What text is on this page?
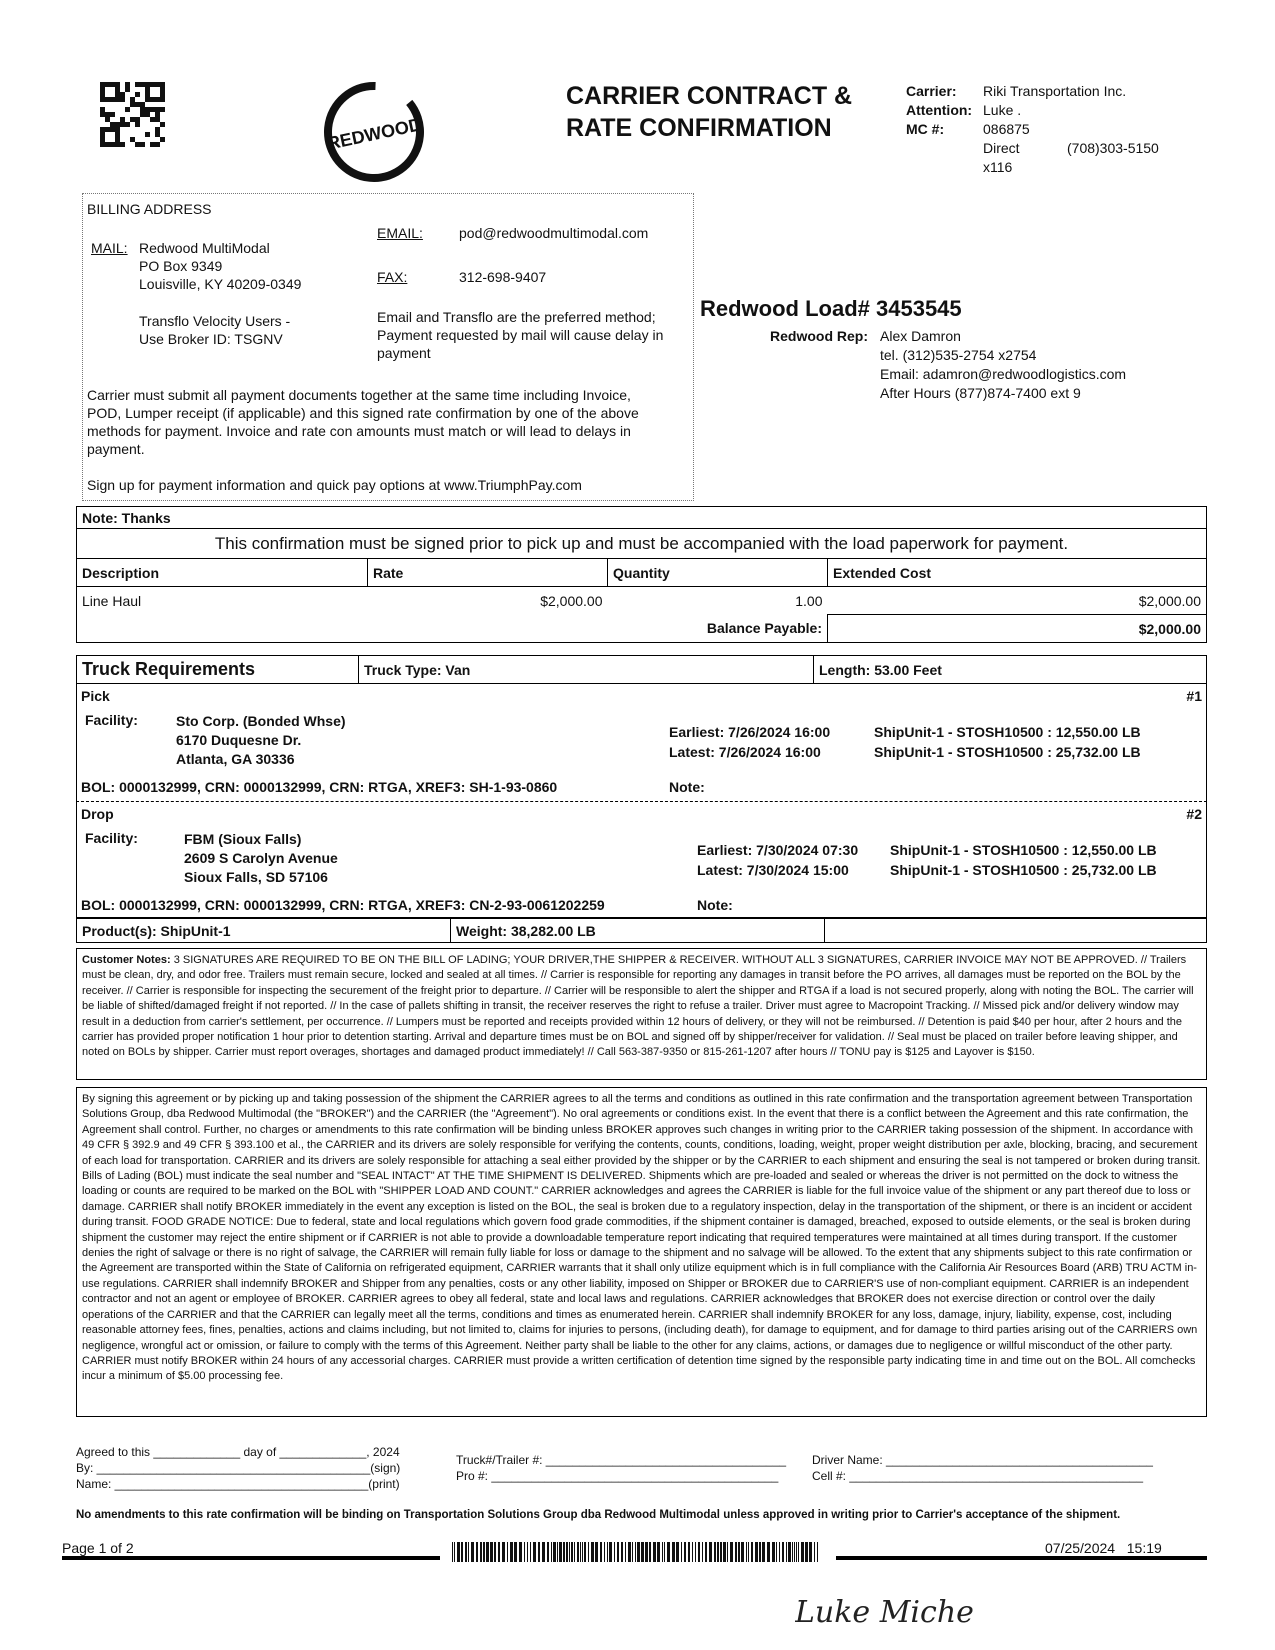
REDWOOD
CARRIER CONTRACT &
RATE CONFIRMATION
Carrier:	Riki Transportation Inc.
Attention: Luke .
MC #:	086875
Direct	(708)303-5150
x116
BILLING ADDRESS
MAIL: Redwood MultiModal
PO Box 9349
Louisville, KY 40209-0349
Transflo Velocity Users -
Use Broker ID: TSGNV
EMAIL:	pod@redwoodmultimodal.com
FAX:	312-698-9407
Email and Transflo are the preferred method;
Payment requested by mail will cause delay in
payment
Carrier must submit all payment documents together at the same time including Invoice,
POD, Lumper receipt (if applicable) and this signed rate confirmation by one of the above
methods for payment. Invoice and rate con amounts must match or will lead to delays in
payment.
Sign up for payment information and quick pay options at www.TriumphPay.com
Redwood Load# 3453545
Redwood Rep: Alex Damron
tel. (312)535-2754 x2754
Email: adamron@redwoodlogistics.com
After Hours (877)874-7400 ext 9
Note: Thanks			
This confirmation must be signed prior to pick up and must be accompanied with the load paperwork for payment.			
Description	Rate	Quantity	Extended Cost
Line Haul	$2,000.00	1.00	$2,000.00
Balance Payable:			$2,000.00
Truck Requirements	Truck Type: Van	Length: 53.00 Feet
Pick	#1
Facility:	Sto Corp. (Bonded Whse)
6170 Duquesne Dr.
Atlanta, GA 30336
Earliest: 7/26/2024 16:00
Latest: 7/26/2024 16:00
ShipUnit-1 - STOSH10500 : 12,550.00 LB
ShipUnit-1 - STOSH10500 : 25,732.00 LB
BOL: 0000132999, CRN: 0000132999, CRN: RTGA, XREF3: SH-1-93-0860	Note:
Drop	#2
Facility:	FBM (Sioux Falls)
2609 S Carolyn Avenue
Sioux Falls, SD 57106
Earliest: 7/30/2024 07:30
Latest: 7/30/2024 15:00
ShipUnit-1 - STOSH10500 : 12,550.00 LB
ShipUnit-1 - STOSH10500 : 25,732.00 LB
BOL: 0000132999, CRN: 0000132999, CRN: RTGA, XREF3: CN-2-93-0061202259	Note:
Product(s): ShipUnit-1	Weight: 38,282.00 LB	
Customer Notes: 3 SIGNATURES ARE REQUIRED TO BE ON THE BILL OF LADING; YOUR DRIVER,THE SHIPPER & RECEIVER. WITHOUT ALL 3 SIGNATURES, CARRIER INVOICE MAY NOT BE APPROVED. // Trailers must be clean, dry, and odor free. Trailers must remain secure, locked and sealed at all times. // Carrier is responsible for reporting any damages in transit before the PO arrives, all damages must be reported on the BOL by the receiver. // Carrier is responsible for inspecting the securement of the freight prior to departure. // Carrier will be responsible to alert the shipper and RTGA if a load is not secured properly, along with noting the BOL. The carrier will be liable of shifted/damaged freight if not reported. // In the case of pallets shifting in transit, the receiver reserves the right to refuse a trailer. Driver must agree to Macropoint Tracking. // Missed pick and/or delivery window may result in a deduction from carrier's settlement, per occurrence. // Lumpers must be reported and receipts provided within 12 hours of delivery, or they will not be reimbursed. // Detention is paid $40 per hour, after 2 hours and the carrier has provided proper notification 1 hour prior to detention starting. Arrival and departure times must be on BOL and signed off by shipper/receiver for validation. // Seal must be placed on trailer before leaving shipper, and noted on BOLs by shipper. Carrier must report overages, shortages and damaged product immediately! // Call 563-387-9350 or 815-261-1207 after hours // TONU pay is $125 and Layover is $150.
By signing this agreement or by picking up and taking possession of the shipment the CARRIER agrees to all the terms and conditions as outlined in this rate confirmation and the transportation agreement between Transportation Solutions Group, dba Redwood Multimodal (the "BROKER") and the CARRIER (the "Agreement"). No oral agreements or conditions exist. In the event that there is a conflict between the Agreement and this rate confirmation, the Agreement shall control. Further, no charges or amendments to this rate confirmation will be binding unless BROKER approves such changes in writing prior to the CARRIER taking possession of the shipment. In accordance with 49 CFR § 392.9 and 49 CFR § 393.100 et al., the CARRIER and its drivers are solely responsible for verifying the contents, counts, conditions, loading, weight, proper weight distribution per axle, blocking, bracing, and securement of each load for transportation. CARRIER and its drivers are solely responsible for attaching a seal either provided by the shipper or by the CARRIER to each shipment and ensuring the seal is not tampered or broken during transit. Bills of Lading (BOL) must indicate the seal number and "SEAL INTACT" AT THE TIME SHIPMENT IS DELIVERED. Shipments which are pre-loaded and sealed or whereas the driver is not permitted on the dock to witness the loading or counts are required to be marked on the BOL with "SHIPPER LOAD AND COUNT." CARRIER acknowledges and agrees the CARRIER is liable for the full invoice value of the shipment or any part thereof due to loss or damage. CARRIER shall notify BROKER immediately in the event any exception is listed on the BOL, the seal is broken due to a regulatory inspection, delay in the transportation of the shipment, or there is an incident or accident during transit. FOOD GRADE NOTICE: Due to federal, state and local regulations which govern food grade commodities, if the shipment container is damaged, breached, exposed to outside elements, or the seal is broken during shipment the customer may reject the entire shipment or if CARRIER is not able to provide a downloadable temperature report indicating that required temperatures were maintained at all times during transport. If the customer denies the right of salvage or there is no right of salvage, the CARRIER will remain fully liable for loss or damage to the shipment and no salvage will be allowed. To the extent that any shipments subject to this rate confirmation or the Agreement are transported within the State of California on refrigerated equipment, CARRIER warrants that it shall only utilize equipment which is in full compliance with the California Air Resources Board (ARB) TRU ACTM in-use regulations. CARRIER shall indemnify BROKER and Shipper from any penalties, costs or any other liability, imposed on Shipper or BROKER due to CARRIER'S use of non-compliant equipment. CARRIER is an independent contractor and not an agent or employee of BROKER. CARRIER agrees to obey all federal, state and local laws and regulations. CARRIER acknowledges that BROKER does not exercise direction or control over the daily operations of the CARRIER and that the CARRIER can legally meet all the terms, conditions and times as enumerated herein. CARRIER shall indemnify BROKER for any loss, damage, injury, liability, expense, cost, including reasonable attorney fees, fines, penalties, actions and claims including, but not limited to, claims for injuries to persons, (including death), for damage to equipment, and for damage to third parties arising out of the CARRIERS own negligence, wrongful act or omission, or failure to comply with the terms of this Agreement. Neither party shall be liable to the other for any claims, actions, or damages due to negligence or willful misconduct of the other party. CARRIER must notify BROKER within 24 hours of any accessorial charges. CARRIER must provide a written certification of detention time signed by the responsible party indicating time in and time out on the BOL. All comchecks incur a minimum of $5.00 processing fee.
Agreed to this _____________ day of _____________, 2024
By: _________________________________________(sign)
Name: ______________________________________(print)
Truck#/Trailer #: ____________________________________
Pro #: ___________________________________________
Driver Name: ________________________________________
Cell #: ____________________________________________
No amendments to this rate confirmation will be binding on Transportation Solutions Group dba Redwood Multimodal unless approved in writing prior to Carrier's acceptance of the shipment.
Page 1 of 2	07/25/2024 15:19
Luke Miche
